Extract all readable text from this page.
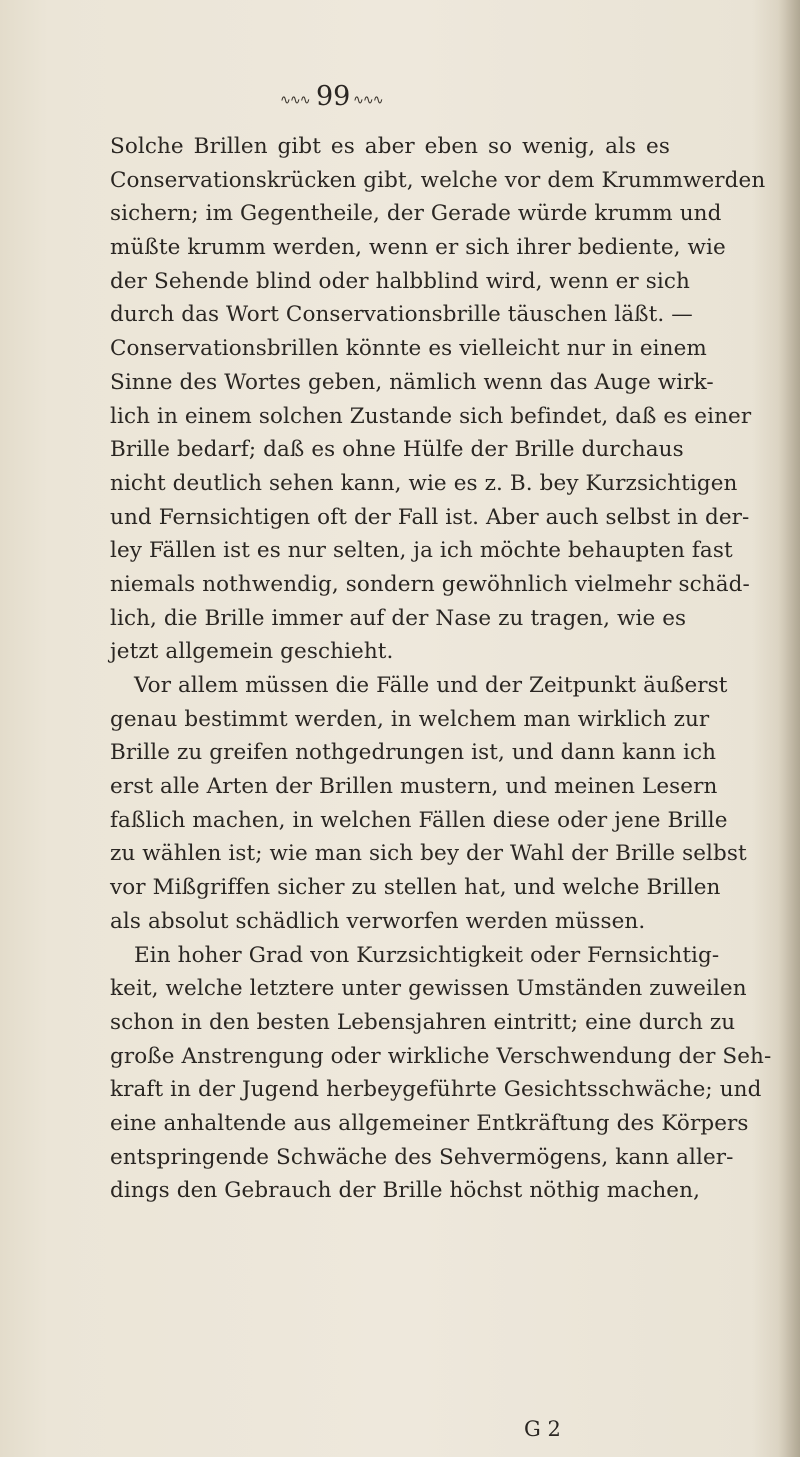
∿∿∿ 99 ∿∿∿
Solche Brillen gibt es aber eben so wenig, als es
Conservationskrücken gibt, welche vor dem Krummwerden
sichern; im Gegentheile, der Gerade würde krumm und
müßte krumm werden, wenn er sich ihrer bediente, wie
der Sehende blind oder halbblind wird, wenn er sich
durch das Wort Conservationsbrille täuschen läßt. —
Conservationsbrillen könnte es vielleicht nur in einem
Sinne des Wortes geben, nämlich wenn das Auge wirk-
lich in einem solchen Zustande sich befindet, daß es einer
Brille bedarf; daß es ohne Hülfe der Brille durchaus
nicht deutlich sehen kann, wie es z. B. bey Kurzsichtigen
und Fernsichtigen oft der Fall ist. Aber auch selbst in der-
ley Fällen ist es nur selten, ja ich möchte behaupten fast
niemals nothwendig, sondern gewöhnlich vielmehr schäd-
lich, die Brille immer auf der Nase zu tragen, wie es
jetzt allgemein geschieht.
Vor allem müssen die Fälle und der Zeitpunkt äußerst
genau bestimmt werden, in welchem man wirklich zur
Brille zu greifen nothgedrungen ist, und dann kann ich
erst alle Arten der Brillen mustern, und meinen Lesern
faßlich machen, in welchen Fällen diese oder jene Brille
zu wählen ist; wie man sich bey der Wahl der Brille selbst
vor Mißgriffen sicher zu stellen hat, und welche Brillen
als absolut schädlich verworfen werden müssen.
Ein hoher Grad von Kurzsichtigkeit oder Fernsichtig-
keit, welche letztere unter gewissen Umständen zuweilen
schon in den besten Lebensjahren eintritt; eine durch zu
große Anstrengung oder wirkliche Verschwendung der Seh-
kraft in der Jugend herbeygeführte Gesichtsschwäche; und
eine anhaltende aus allgemeiner Entkräftung des Körpers
entspringende Schwäche des Sehvermögens, kann aller-
dings den Gebrauch der Brille höchst nöthig machen,
G 2
